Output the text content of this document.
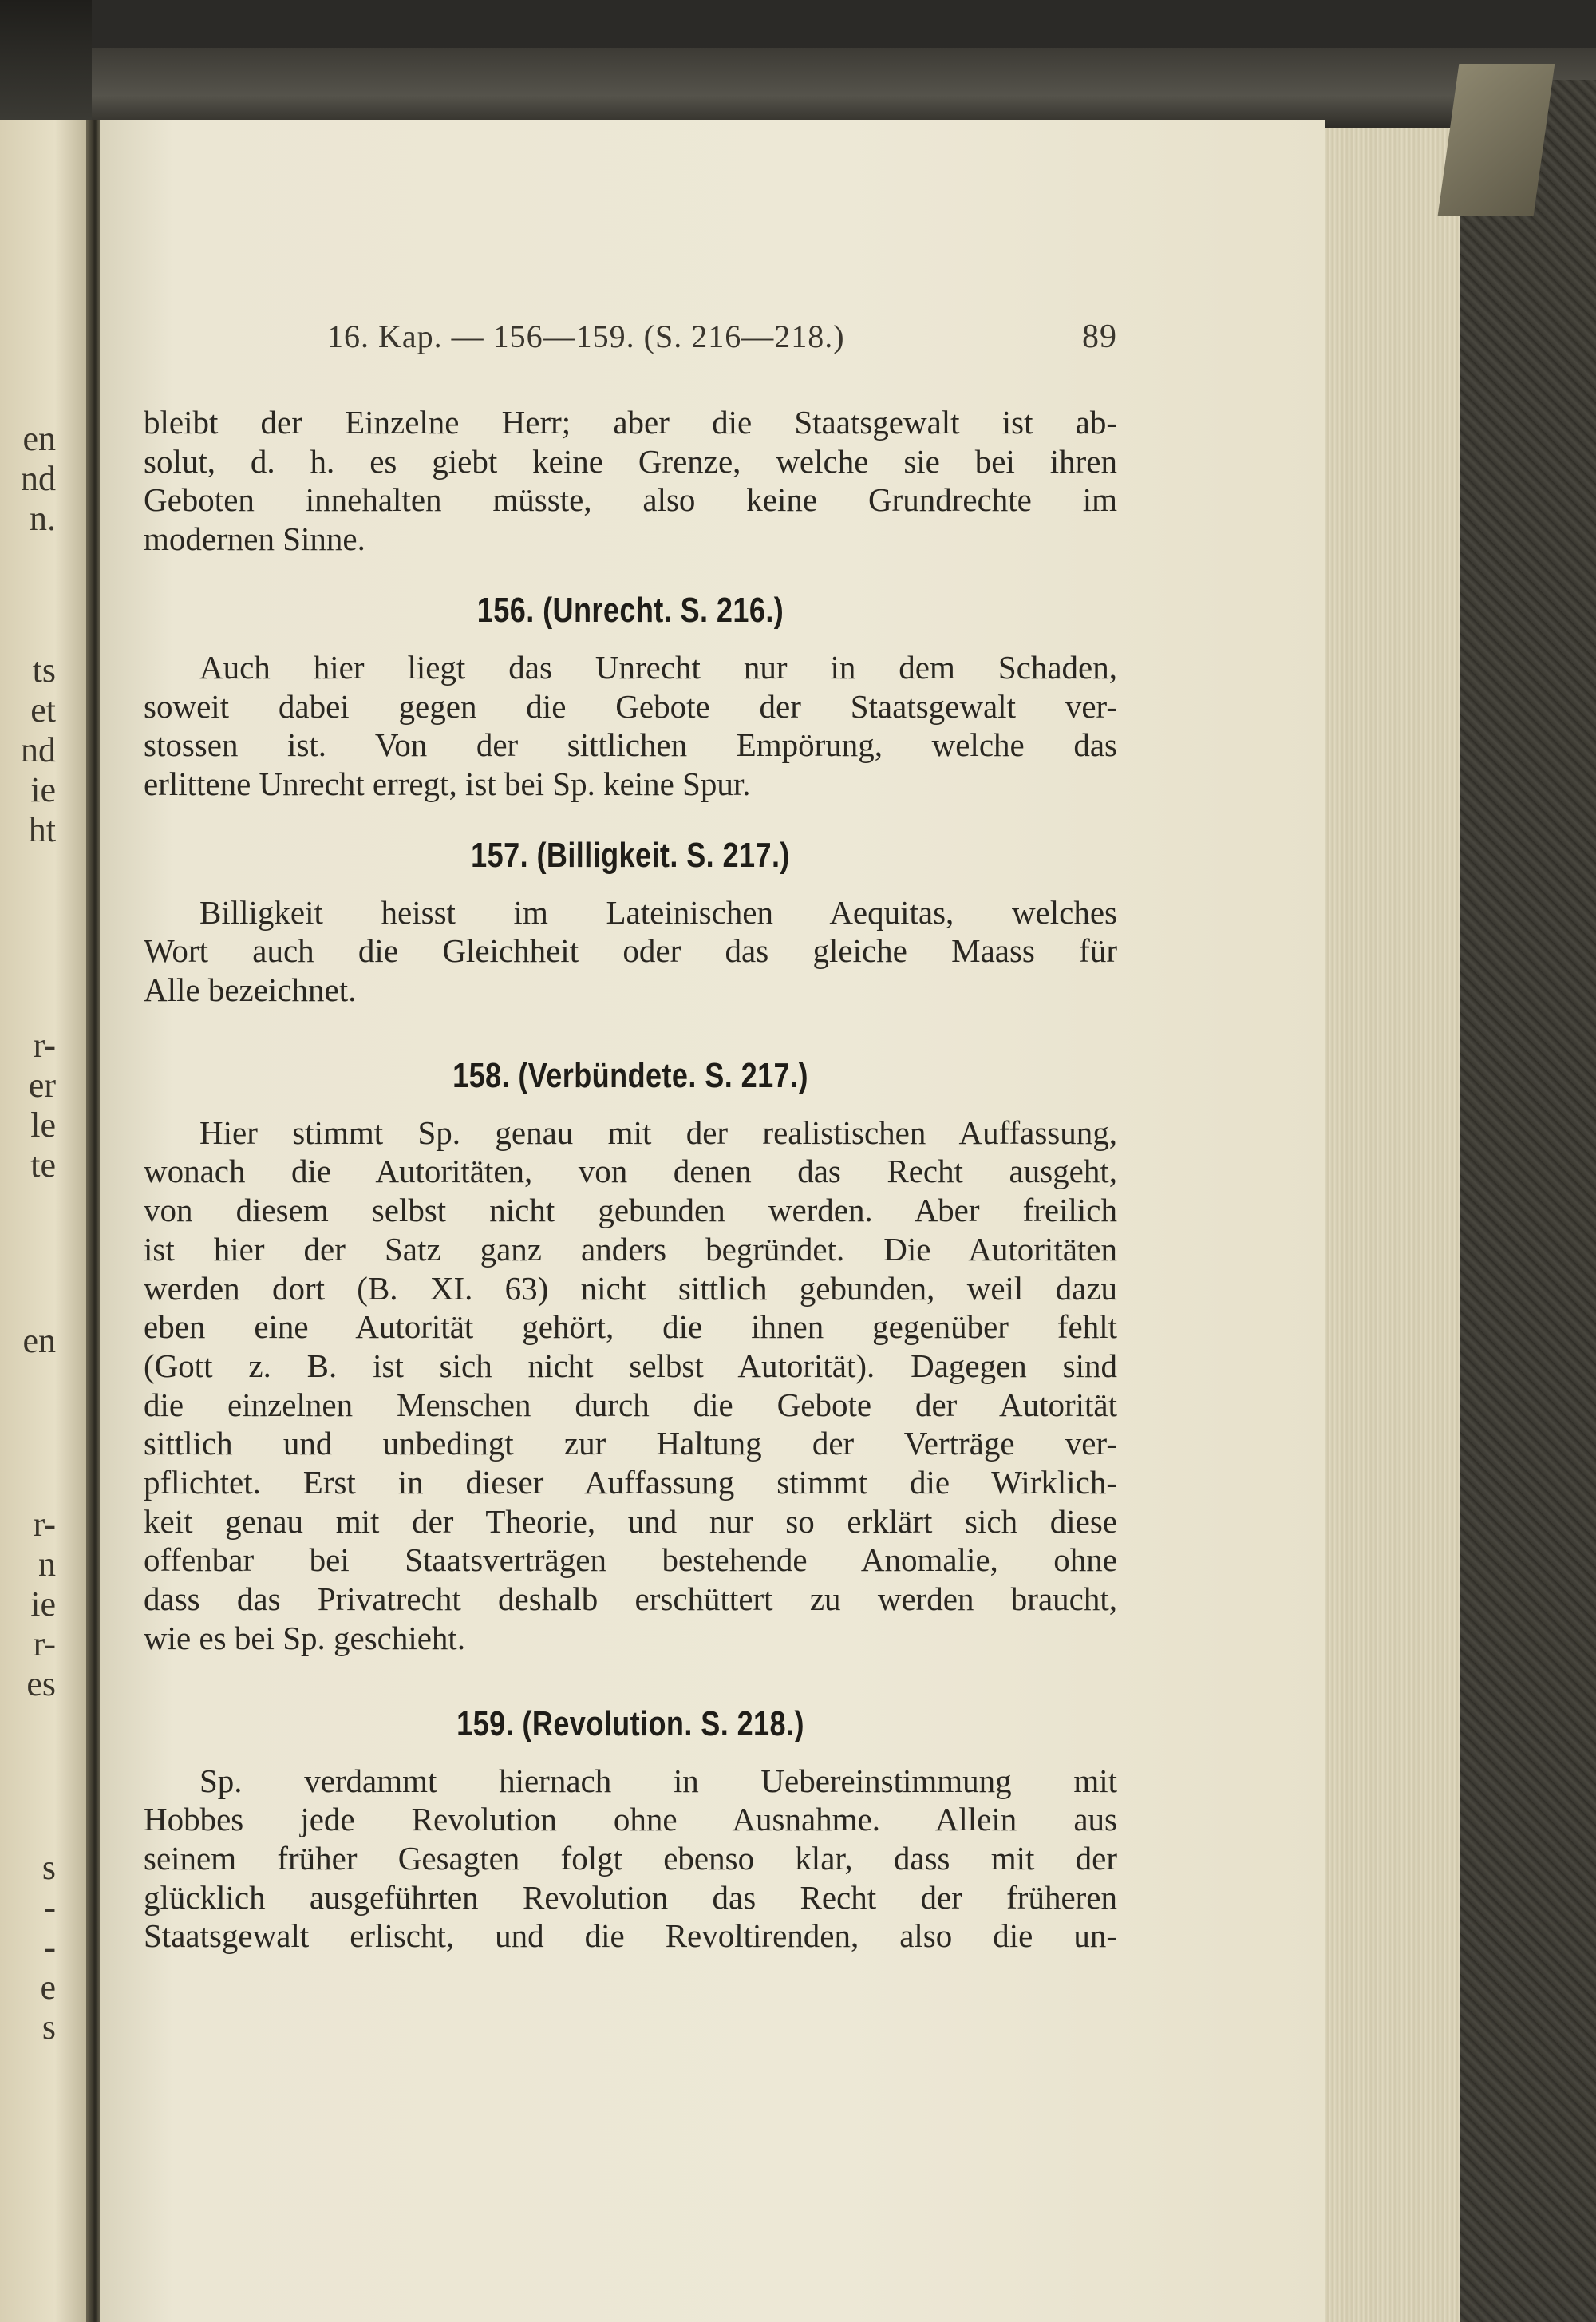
en
nd
n.
ts
et
nd
ie
ht
r-
er
le
te
en
r-
n
ie
r-
es
s
-
-
e
s
16. Kap. — 156—159. (S. 216—218.)	89
bleibt der Einzelne Herr; aber die Staatsgewalt ist ab-
solut, d. h. es giebt keine Grenze, welche sie bei ihren
Geboten innehalten müsste, also keine Grundrechte im
modernen Sinne.
156. (Unrecht. S. 216.)
Auch hier liegt das Unrecht nur in dem Schaden,
soweit dabei gegen die Gebote der Staatsgewalt ver-
stossen ist. Von der sittlichen Empörung, welche das
erlittene Unrecht erregt, ist bei Sp. keine Spur.
157. (Billigkeit. S. 217.)
Billigkeit heisst im Lateinischen Aequitas, welches
Wort auch die Gleichheit oder das gleiche Maass für
Alle bezeichnet.
158. (Verbündete. S. 217.)
Hier stimmt Sp. genau mit der realistischen Auffassung,
wonach die Autoritäten, von denen das Recht ausgeht,
von diesem selbst nicht gebunden werden. Aber freilich
ist hier der Satz ganz anders begründet. Die Autoritäten
werden dort (B. XI. 63) nicht sittlich gebunden, weil dazu
eben eine Autorität gehört, die ihnen gegenüber fehlt
(Gott z. B. ist sich nicht selbst Autorität). Dagegen sind
die einzelnen Menschen durch die Gebote der Autorität
sittlich und unbedingt zur Haltung der Verträge ver-
pflichtet. Erst in dieser Auffassung stimmt die Wirklich-
keit genau mit der Theorie, und nur so erklärt sich diese
offenbar bei Staatsverträgen bestehende Anomalie, ohne
dass das Privatrecht deshalb erschüttert zu werden braucht,
wie es bei Sp. geschieht.
159. (Revolution. S. 218.)
Sp. verdammt hiernach in Uebereinstimmung mit
Hobbes jede Revolution ohne Ausnahme. Allein aus
seinem früher Gesagten folgt ebenso klar, dass mit der
glücklich ausgeführten Revolution das Recht der früheren
Staatsgewalt erlischt, und die Revoltirenden, also die un-
